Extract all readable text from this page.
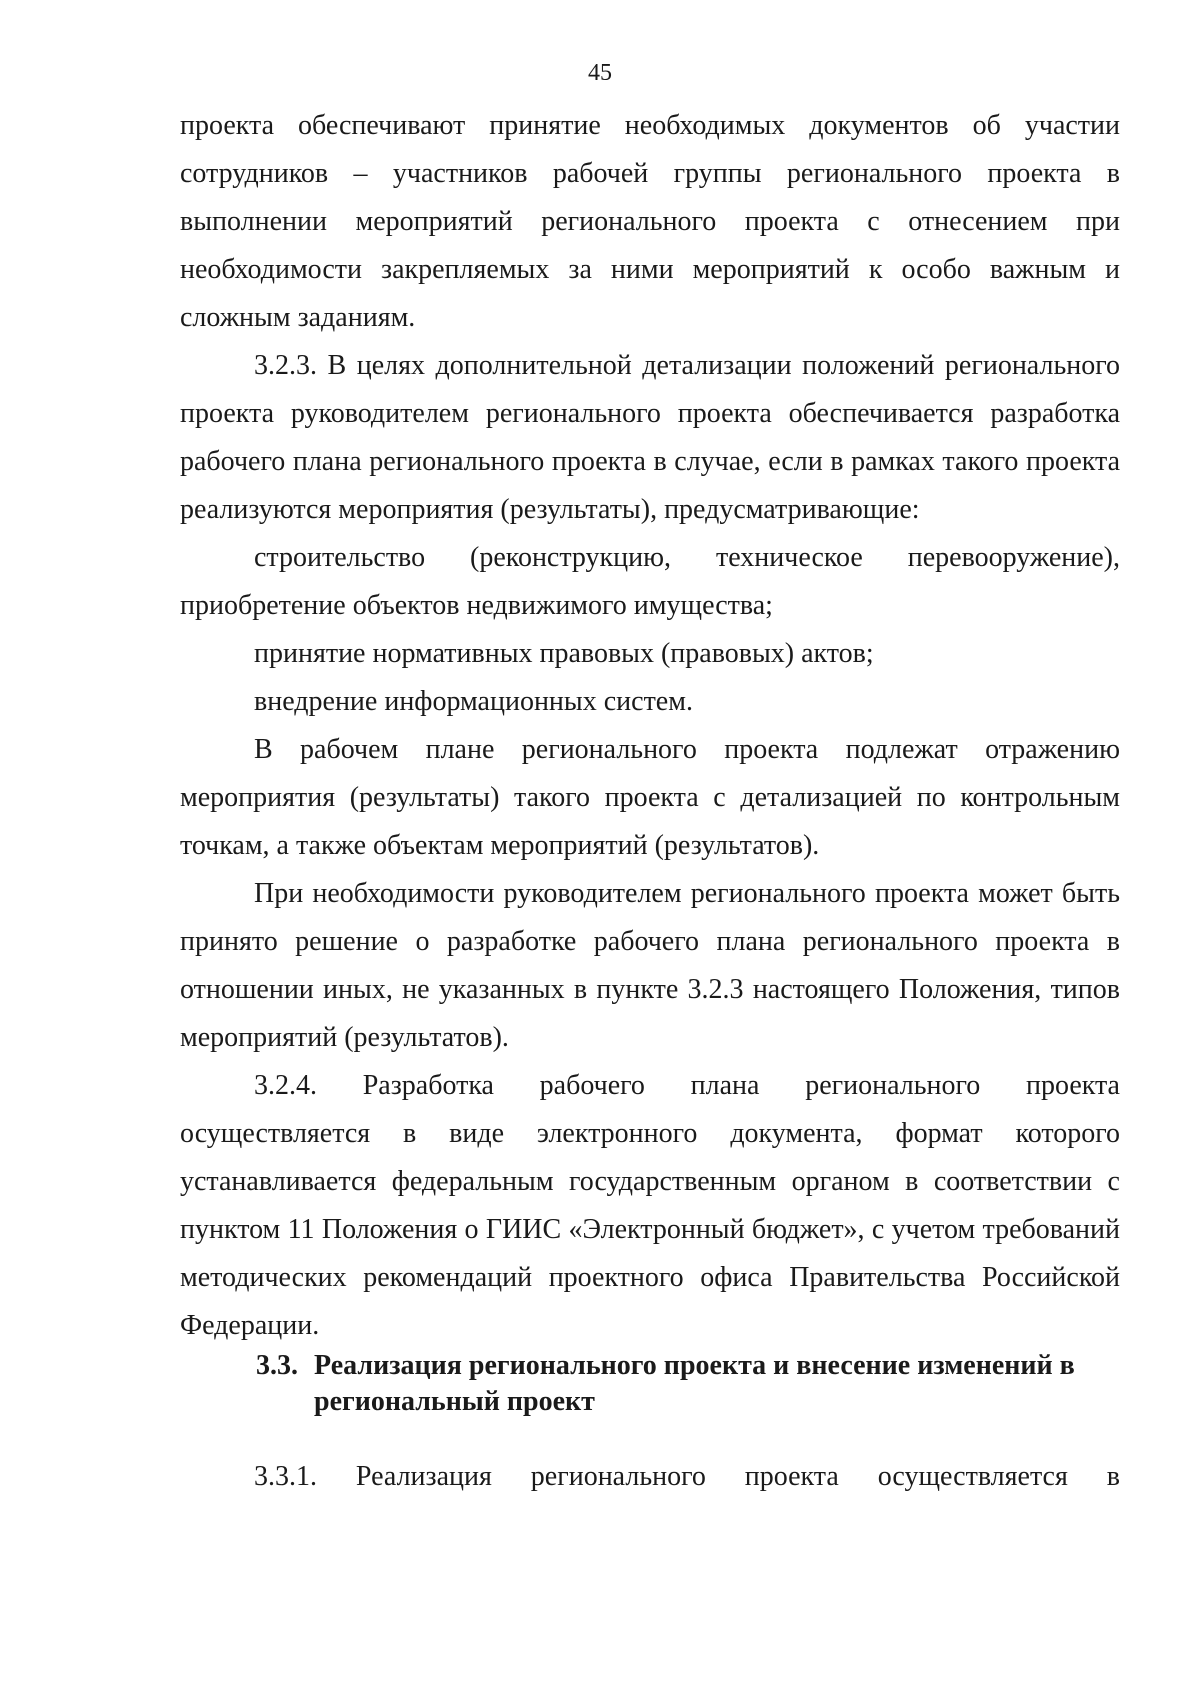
45

проекта обеспечивают принятие необходимых документов об участии сотрудников – участников рабочей группы регионального проекта в выполнении мероприятий регионального проекта с отнесением при необходимости закрепляемых за ними мероприятий к особо важным и сложным заданиям.

3.2.3. В целях дополнительной детализации положений регионального проекта руководителем регионального проекта обеспечивается разработка рабочего плана регионального проекта в случае, если в рамках такого проекта реализуются мероприятия (результаты), предусматривающие:

строительство (реконструкцию, техническое перевооружение), приобретение объектов недвижимого имущества;

принятие нормативных правовых (правовых) актов;

внедрение информационных систем.

В рабочем плане регионального проекта подлежат отражению мероприятия (результаты) такого проекта с детализацией по контрольным точкам, а также объектам мероприятий (результатов).

При необходимости руководителем регионального проекта может быть принято решение о разработке рабочего плана регионального проекта в отношении иных, не указанных в пункте 3.2.3 настоящего Положения, типов мероприятий (результатов).

3.2.4. Разработка рабочего плана регионального проекта осуществляется в виде электронного документа, формат которого устанавливается федеральным государственным органом в соответствии с пунктом 11 Положения о ГИИС «Электронный бюджет», с учетом требований методических рекомендаций проектного офиса Правительства Российской Федерации.

3.3. Реализация регионального проекта и внесение изменений в
региональный проект

3.3.1. Реализация регионального проекта осуществляется в
